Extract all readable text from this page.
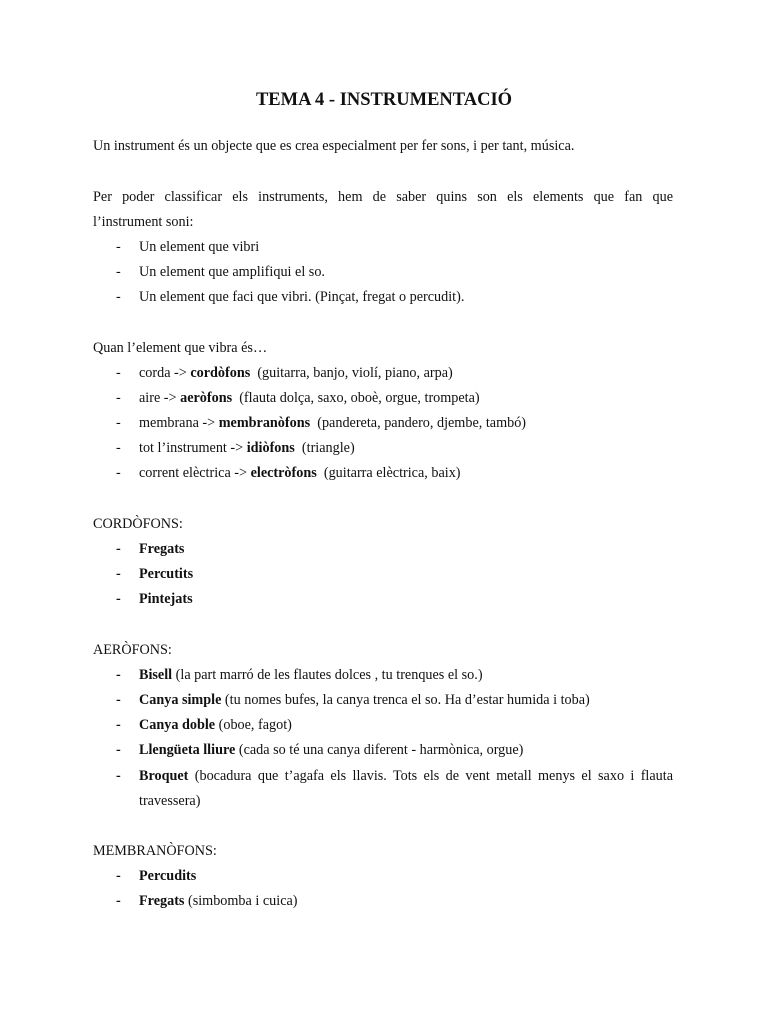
TEMA 4 - INSTRUMENTACIÓ
Un instrument és un objecte que es crea especialment per fer sons, i per tant, música.
Per poder classificar els instruments, hem de saber quins son els elements que fan que
l’instrument soni:
- Un element que vibri
- Un element que amplifiqui el so.
- Un element que faci que vibri. (Pinçat, fregat o percudit).
Quan l’element que vibra és…
- corda -> cordòfons  (guitarra, banjo, violí, piano, arpa)
- aire -> aeròfons  (flauta dolça, saxo, oboè, orgue, trompeta)
- membrana -> membranòfons  (pandereta, pandero, djembe, tambó)
- tot l’instrument -> idiòfons  (triangle)
- corrent elèctrica -> electròfons  (guitarra elèctrica, baix)
CORDÒFONS:
- Fregats
- Percutits
- Pintejats
AERÒFONS:
- Bisell (la part marró de les flautes dolces , tu trenques el so.)
- Canya simple (tu nomes bufes, la canya trenca el so. Ha d’estar humida i toba)
- Canya doble (oboe, fagot)
- Llengüeta lliure (cada so té una canya diferent - harmònica, orgue)
- Broquet (bocadura que t’agafa els llavis. Tots els de vent metall menys el saxo i flauta travessera)
MEMBRANÒFONS:
- Percudits
- Fregats (simbomba i cuica)
